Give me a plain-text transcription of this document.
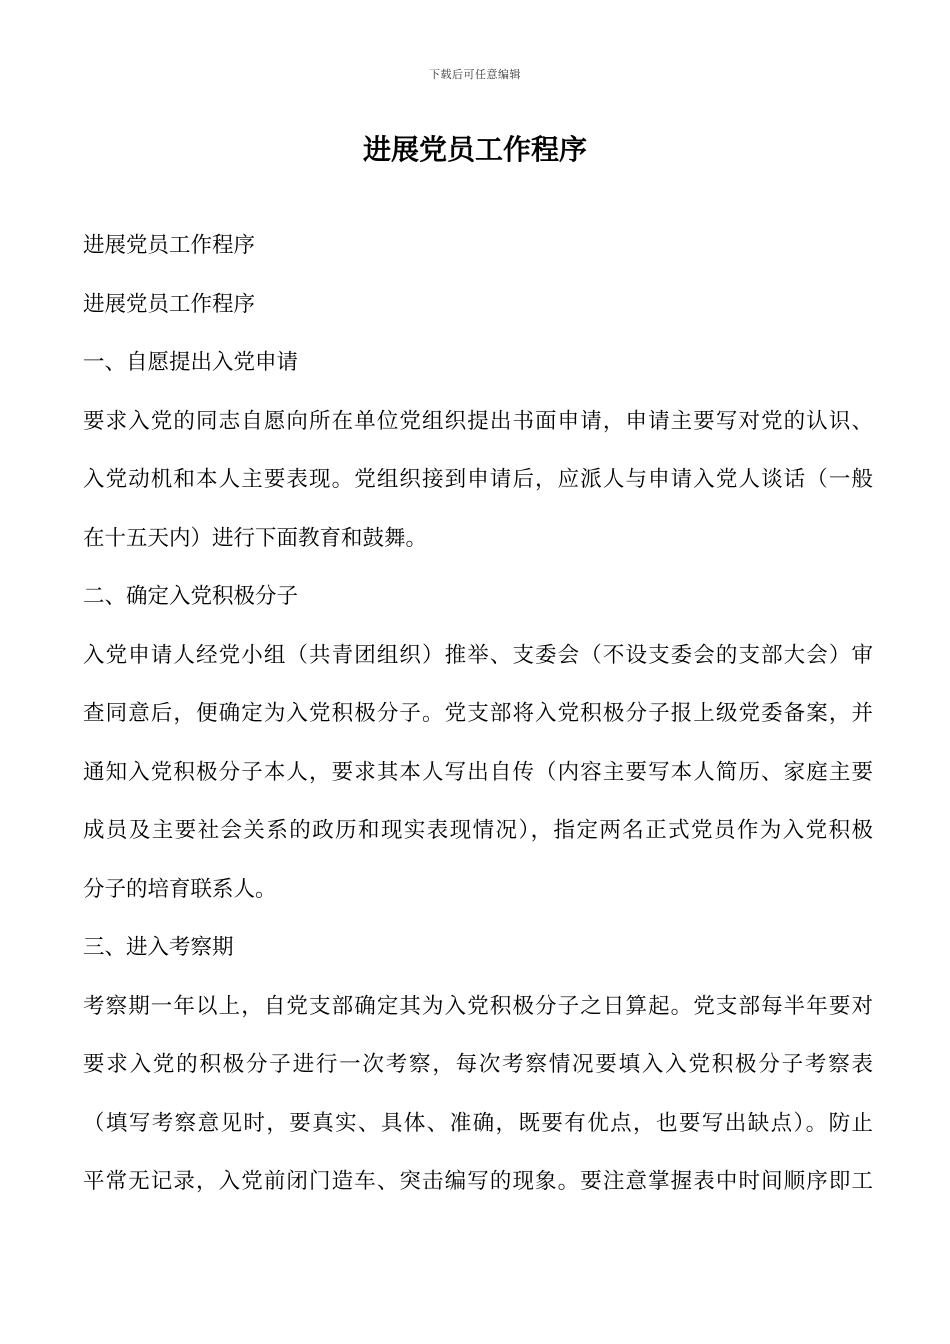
下载后可任意编辑
进展党员工作程序

进展党员工作程序

进展党员工作程序

一、自愿提出入党申请

要求入党的同志自愿向所在单位党组织提出书面申请，申请主要写对党的认识、

入党动机和本人主要表现。党组织接到申请后，应派人与申请入党人谈话（一般

在十五天内）进行下面教育和鼓舞。

二、确定入党积极分子

入党申请人经党小组（共青团组织）推举、支委会（不设支委会的支部大会）审

查同意后，便确定为入党积极分子。党支部将入党积极分子报上级党委备案，并

通知入党积极分子本人，要求其本人写出自传（内容主要写本人简历、家庭主要

成员及主要社会关系的政历和现实表现情况），指定两名正式党员作为入党积极

分子的培育联系人。

三、进入考察期

考察期一年以上，自党支部确定其为入党积极分子之日算起。党支部每半年要对

要求入党的积极分子进行一次考察，每次考察情况要填入入党积极分子考察表

（填写考察意见时，要真实、具体、准确，既要有优点，也要写出缺点）。防止

平常无记录，入党前闭门造车、突击编写的现象。要注意掌握表中时间顺序即工
